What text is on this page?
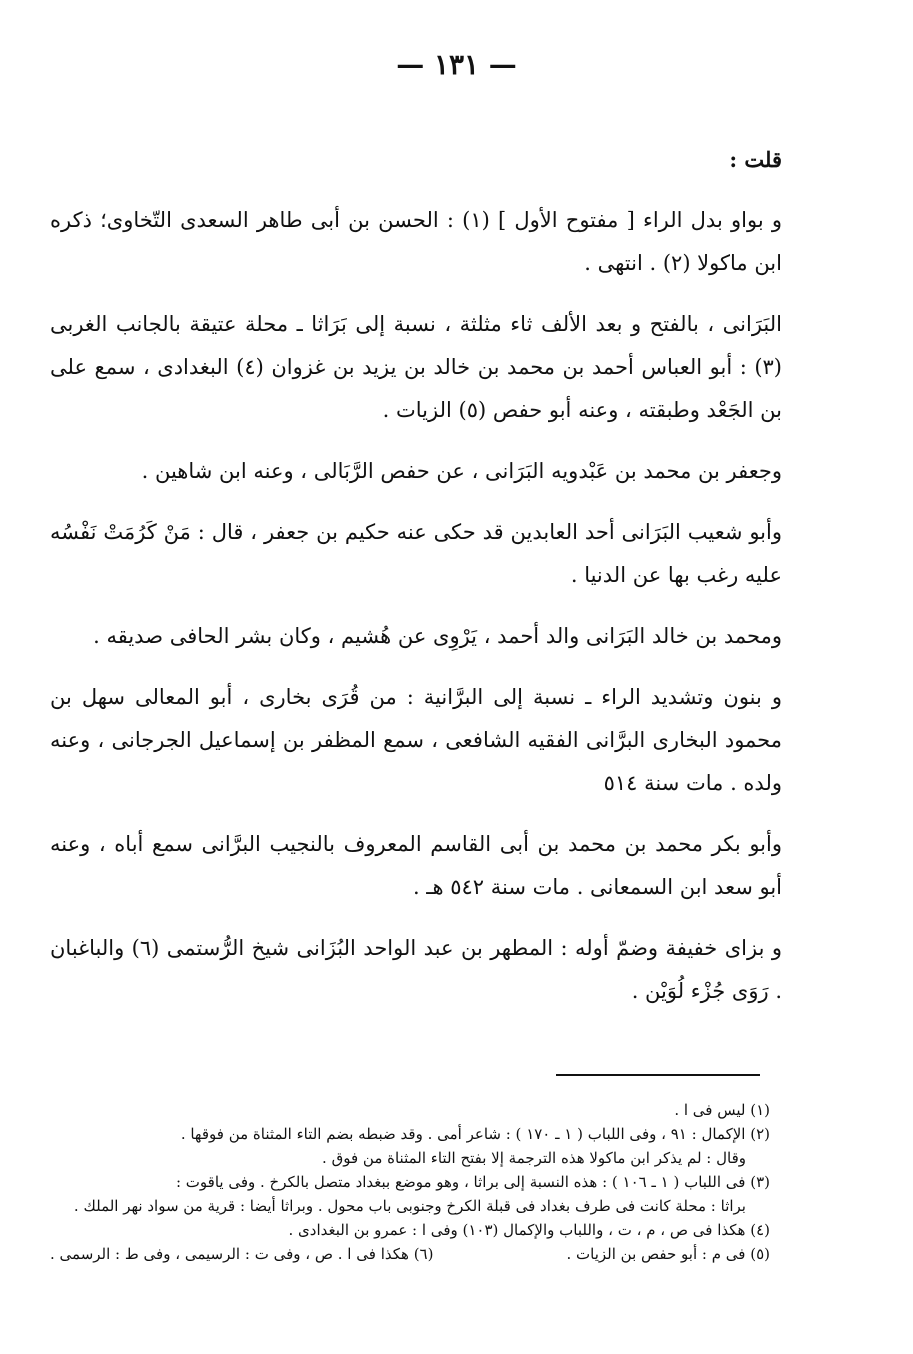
— ١٣١ —

قلت :

و بواو بدل الراء [ مفتوح الأول ] (١) : الحسن بن أبى طاهر السعدى التّخاوى؛ ذكره ابن ماكولا (٢) . انتهى .

البَرَانى ، بالفتح و بعد الألف ثاء مثلثة ، نسبة إلى بَرَاثا ـ محلة عتيقة بالجانب الغربى (٣) : أبو العباس أحمد بن محمد بن خالد بن يزيد بن غزوان (٤) البغدادى ، سمع على بن الجَعْد وطبقته ، وعنه أبو حفص (٥) الزيات .

وجعفر بن محمد بن عَبْدويه البَرَانى ، عن حفص الرَّبَالى ، وعنه ابن شاهين .

وأبو شعيب البَرَانى أحد العابدين قد حكى عنه حكيم بن جعفر ، قال : مَنْ كَرُمَتْ نَفْسُه عليه رغب بها عن الدنيا .

ومحمد بن خالد البَرَانى والد أحمد ، يَرْوِى عن هُشيم ، وكان بشر الحافى صديقه .

و بنون وتشديد الراء ـ نسبة إلى البرَّانية : من قُرَى بخارى ، أبو المعالى سهل بن محمود البخارى البرَّانى الفقيه الشافعى ، سمع المظفر بن إسماعيل الجرجانى ، وعنه ولده . مات سنة ٥١٤

وأبو بكر محمد بن محمد بن أبى القاسم المعروف بالنجيب البرَّانى سمع أباه ، وعنه أبو سعد ابن السمعانى . مات سنة ٥٤٢ هـ .

و بزاى خفيفة وضمّ أوله : المطهر بن عبد الواحد البُزَانى شيخ الرُّستمى (٦) والباغبان . رَوَى جُزْء لُوَيْن .

(١) ليس فى ا .

(٢) الإكمال : ٩١ ، وفى اللباب ( ١ ـ ١٧٠ ) : شاعر أمى . وقد ضبطه بضم التاء المثناة من فوقها .

وقال : لم يذكر ابن ماكولا هذه الترجمة إلا بفتح التاء المثناة من فوق .

(٣) فى اللباب ( ١ ـ ١٠٦ ) : هذه النسبة إلى براثا ، وهو موضع ببغداد متصل بالكرخ . وفى ياقوت :

براثا : محلة كانت فى طرف بغداد فى قبلة الكرخ وجنوبى باب محول . وبراثا أيضا : قرية من سواد نهر الملك .

(٤) هكذا فى ص ، م ، ت ، واللباب والإكمال (١٠٣) وفى ا : عمرو بن البغدادى .

(٥) فى م : أبو حفص بن الزيات .
(٦) هكذا فى ا . ص ، وفى ت : الرسيمى ، وفى ط : الرسمى .
